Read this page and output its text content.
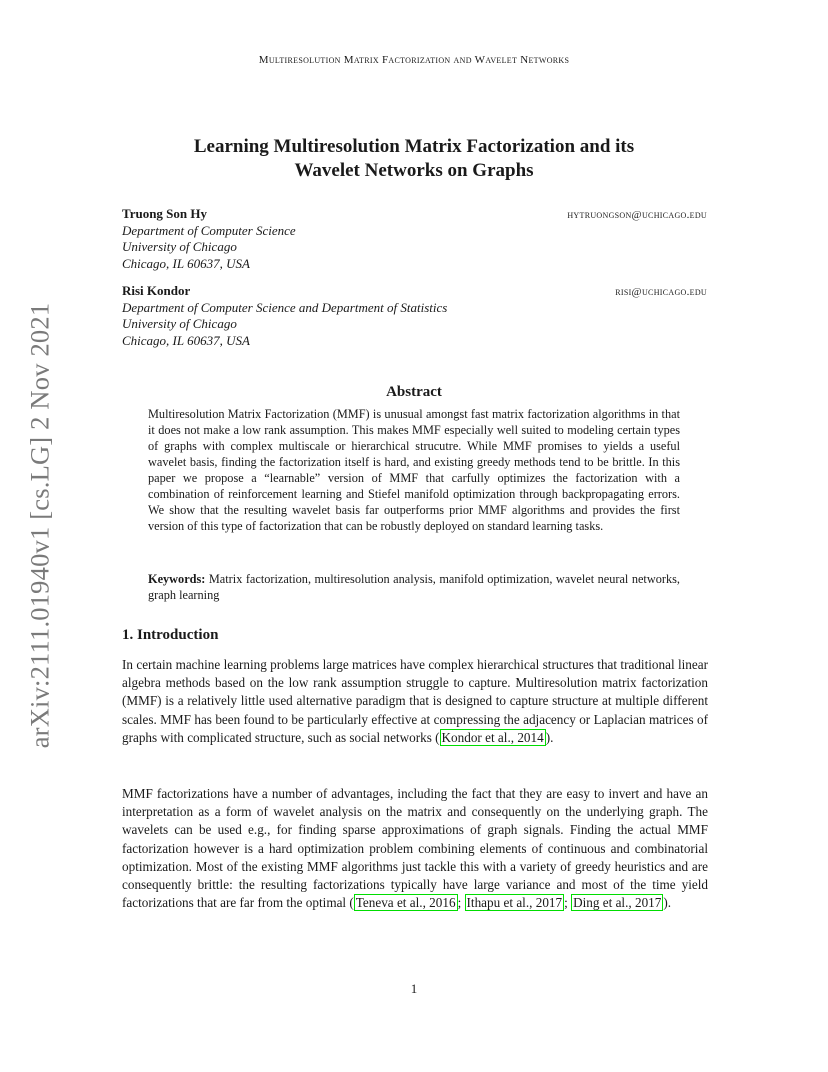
arXiv:2111.01940v1 [cs.LG] 2 Nov 2021
Multiresolution Matrix Factorization and Wavelet Networks
Learning Multiresolution Matrix Factorization and its
Wavelet Networks on Graphs
Truong Son Hy	hytruongson@uchicago.edu
Department of Computer Science
University of Chicago
Chicago, IL 60637, USA
Risi Kondor	risi@uchicago.edu
Department of Computer Science and Department of Statistics
University of Chicago
Chicago, IL 60637, USA
Abstract

Multiresolution Matrix Factorization (MMF) is unusual amongst fast matrix factorization algorithms in that it does not make a low rank assumption. This makes MMF especially well suited to modeling certain types of graphs with complex multiscale or hierarchical strucutre. While MMF promises to yields a useful wavelet basis, finding the factorization itself is hard, and existing greedy methods tend to be brittle. In this paper we propose a “learnable” version of MMF that carfully optimizes the factorization with a combination of reinforcement learning and Stiefel manifold optimization through backpropagating errors. We show that the resulting wavelet basis far outperforms prior MMF algorithms and provides the first version of this type of factorization that can be robustly deployed on standard learning tasks.

Keywords: Matrix factorization, multiresolution analysis, manifold optimization, wavelet neural networks, graph learning

1. Introduction

In certain machine learning problems large matrices have complex hierarchical structures that traditional linear algebra methods based on the low rank assumption struggle to capture. Multiresolution matrix factorization (MMF) is a relatively little used alternative paradigm that is designed to capture structure at multiple different scales. MMF has been found to be particularly effective at compressing the adjacency or Laplacian matrices of graphs with complicated structure, such as social networks ( Kondor et al., 2014 ).

MMF factorizations have a number of advantages, including the fact that they are easy to invert and have an interpretation as a form of wavelet analysis on the matrix and consequently on the underlying graph. The wavelets can be used e.g., for finding sparse approximations of graph signals. Finding the actual MMF factorization however is a hard optimization problem combining elements of continuous and combinatorial optimization. Most of the existing MMF algorithms just tackle this with a variety of greedy heuristics and are consequently brittle: the resulting factorizations typically have large variance and most of the time yield factorizations that are far from the optimal ( Teneva et al., 2016 ; Ithapu et al., 2017 ; Ding et al., 2017 ).

1
